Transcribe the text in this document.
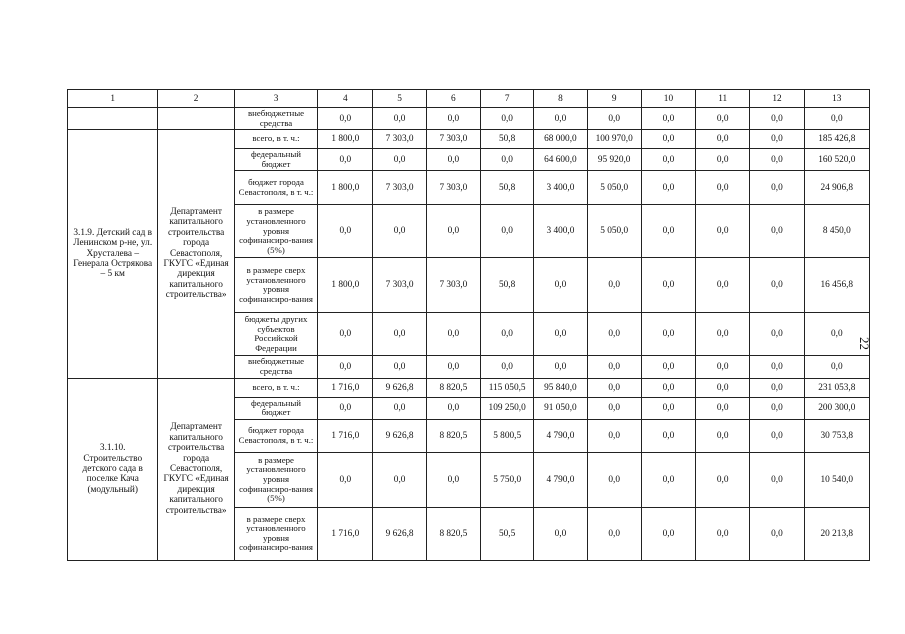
22
1	2	3	4	5	6	7	8	9	10	11	12	13
		внебюджетные средства	0,0	0,0	0,0	0,0	0,0	0,0	0,0	0,0	0,0	0,0
3.1.9. Детский сад в Ленинском р-не, ул. Хрусталева – Генерала Острякова – 5 км	Департамент капитального строительства города Севастополя, ГКУГС «Единая дирекция капитального строительства»	всего, в т. ч.:	1 800,0	7 303,0	7 303,0	50,8	68 000,0	100 970,0	0,0	0,0	0,0	185 426,8
		федеральный бюджет	0,0	0,0	0,0	0,0	64 600,0	95 920,0	0,0	0,0	0,0	160 520,0
		бюджет города Севастополя, в т. ч.:	1 800,0	7 303,0	7 303,0	50,8	3 400,0	5 050,0	0,0	0,0	0,0	24 906,8
		в размере установленного уровня софинансиро-вания (5%)	0,0	0,0	0,0	0,0	3 400,0	5 050,0	0,0	0,0	0,0	8 450,0
		в размере сверх установленного уровня софинансиро-вания	1 800,0	7 303,0	7 303,0	50,8	0,0	0,0	0,0	0,0	0,0	16 456,8
		бюджеты других субъектов Российской Федерации	0,0	0,0	0,0	0,0	0,0	0,0	0,0	0,0	0,0	0,0
		внебюджетные средства	0,0	0,0	0,0	0,0	0,0	0,0	0,0	0,0	0,0	0,0
3.1.10. Строительство детского сада в поселке Кача (модульный)	Департамент капитального строительства города Севастополя, ГКУГС «Единая дирекция капитального строительства»	всего, в т. ч.:	1 716,0	9 626,8	8 820,5	115 050,5	95 840,0	0,0	0,0	0,0	0,0	231 053,8
		федеральный бюджет	0,0	0,0	0,0	109 250,0	91 050,0	0,0	0,0	0,0	0,0	200 300,0
		бюджет города Севастополя, в т. ч.:	1 716,0	9 626,8	8 820,5	5 800,5	4 790,0	0,0	0,0	0,0	0,0	30 753,8
		в размере установленного уровня софинансиро-вания (5%)	0,0	0,0	0,0	5 750,0	4 790,0	0,0	0,0	0,0	0,0	10 540,0
		в размере сверх установленного уровня софинансиро-вания	1 716,0	9 626,8	8 820,5	50,5	0,0	0,0	0,0	0,0	0,0	20 213,8
